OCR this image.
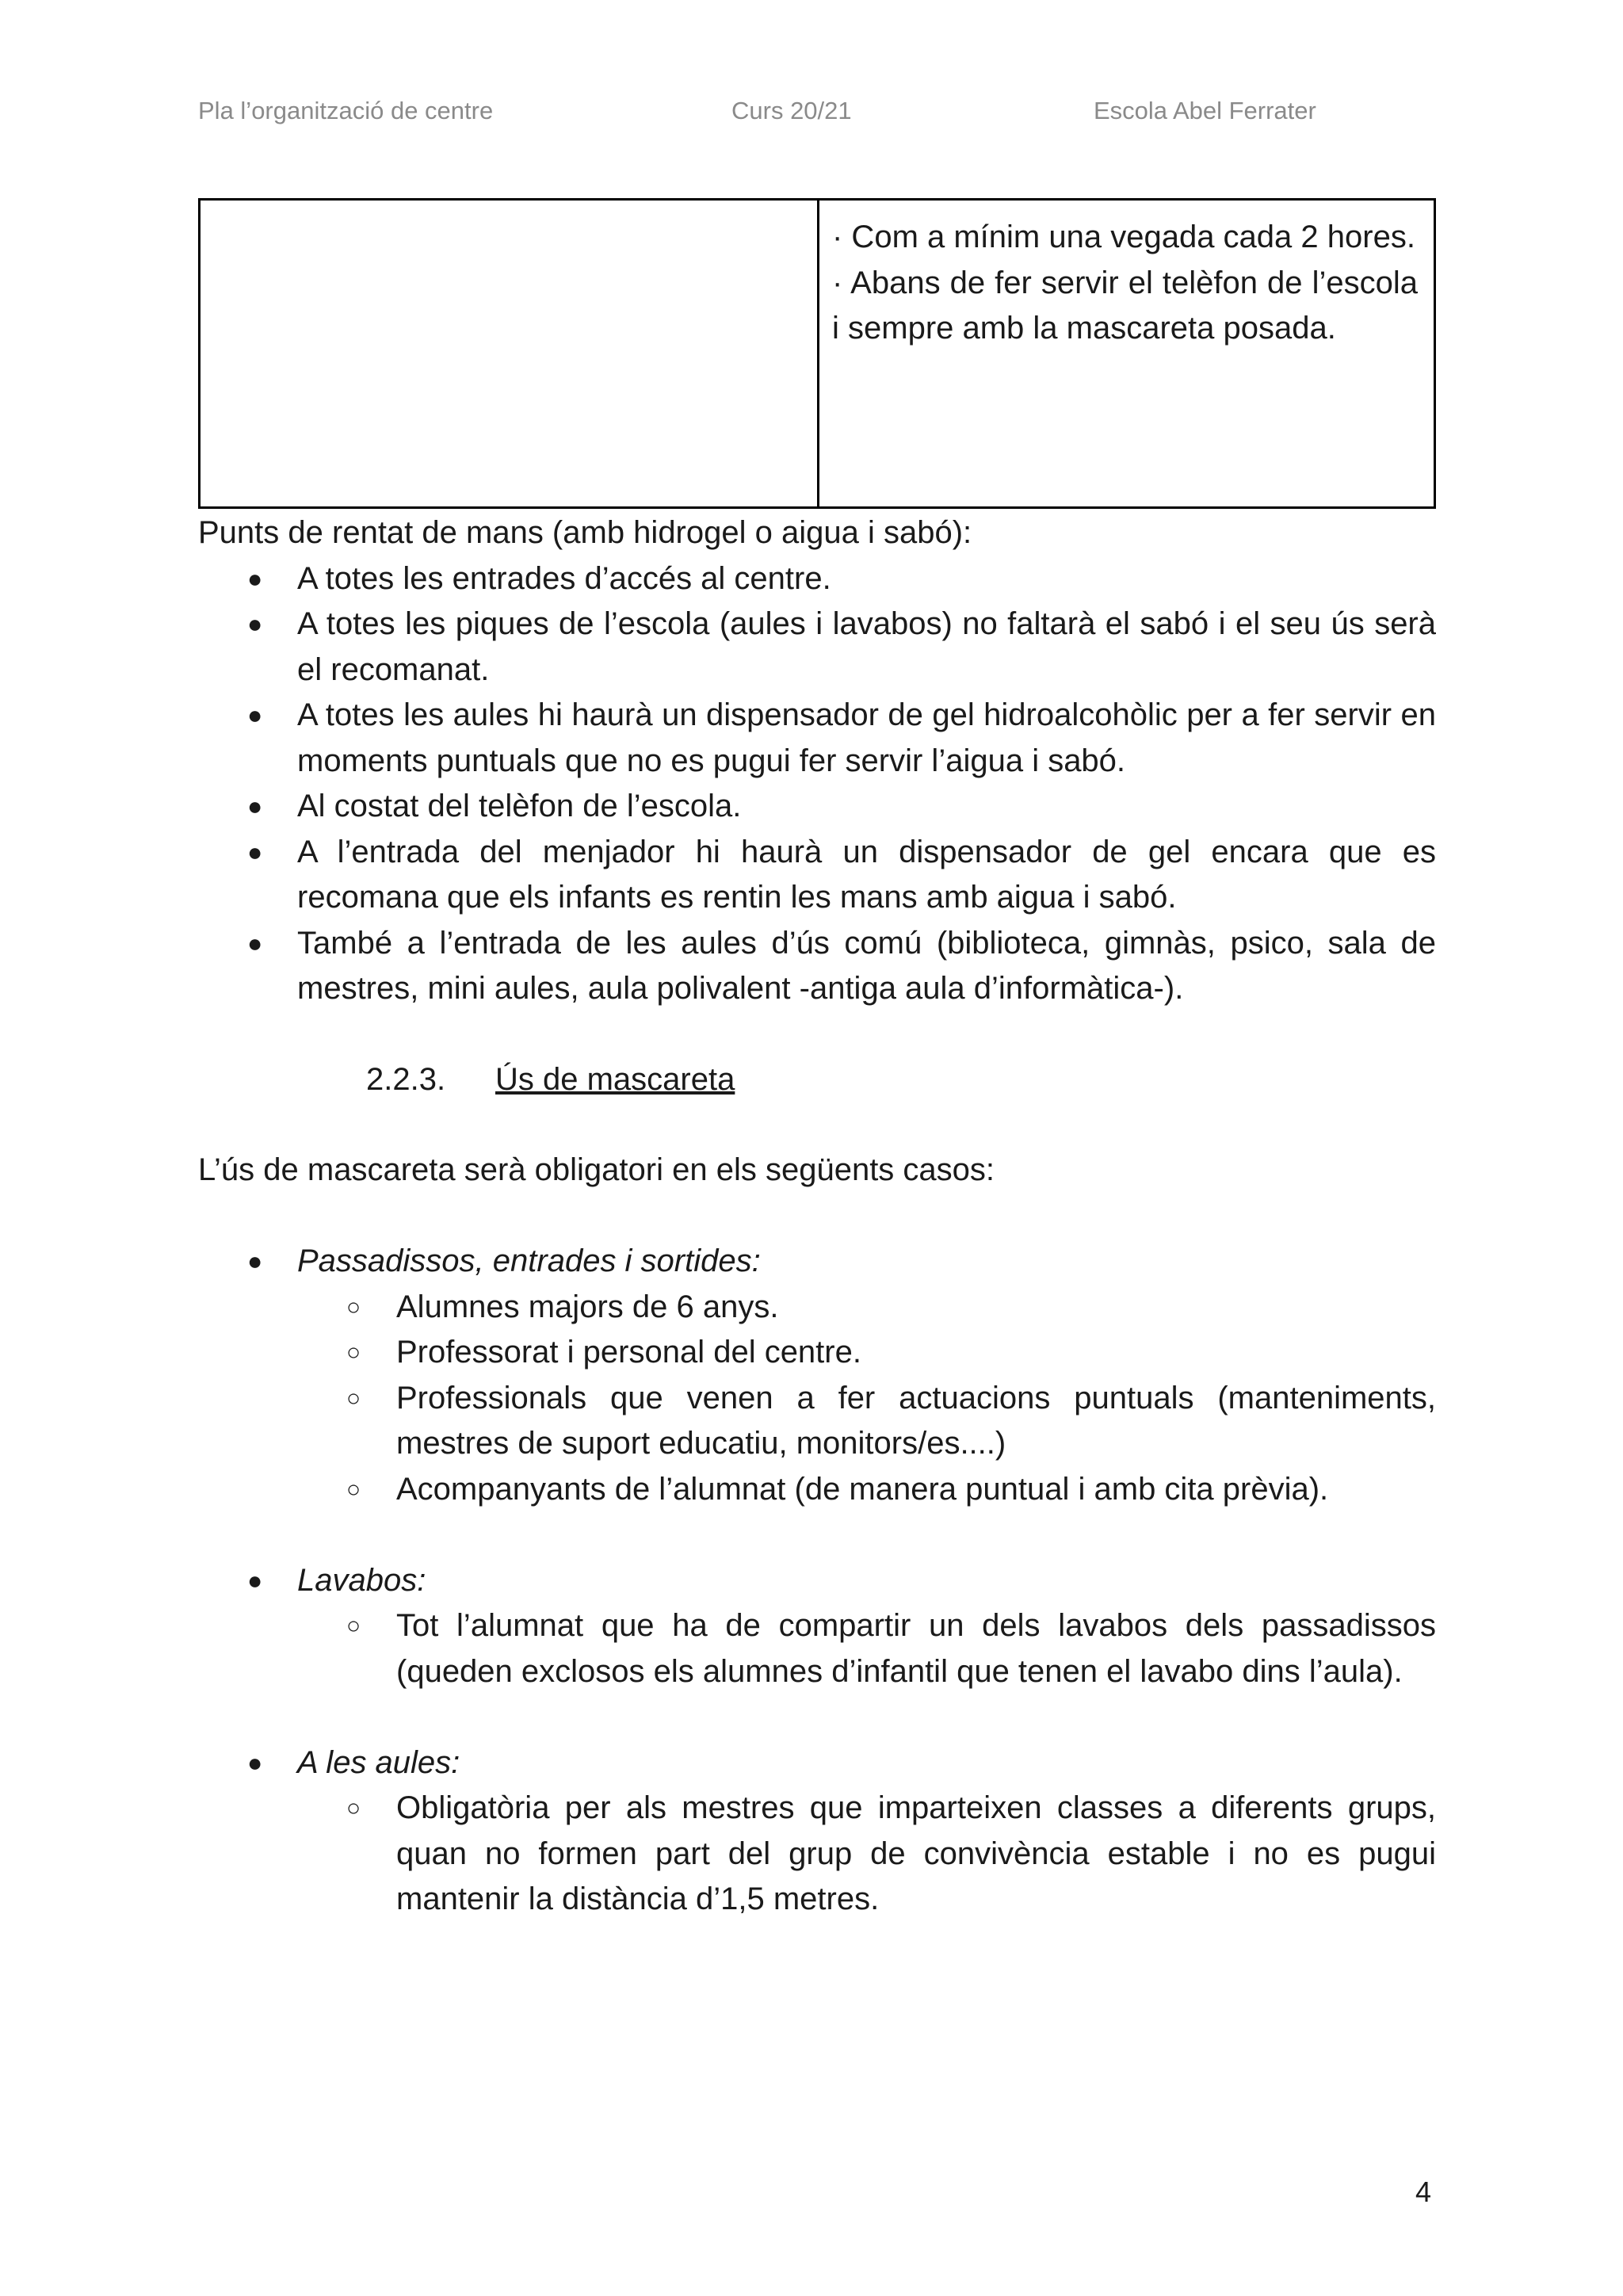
Pla l’organització de centre	Curs 20/21	Escola Abel Ferrater

· Com a mínim una vegada cada 2 hores.
· Abans de fer servir el telèfon de l’escola i sempre amb la mascareta posada.

Punts de rentat de mans (amb hidrogel o aigua i sabó):

● A totes les entrades d’accés al centre.
● A totes les piques de l’escola (aules i lavabos) no faltarà el sabó i el seu ús serà el recomanat.
● A totes les aules hi haurà un dispensador de gel hidroalcohòlic per a fer servir en moments puntuals que no es pugui fer servir l’aigua i sabó.
● Al costat del telèfon de l’escola.
● A l’entrada del menjador hi haurà un dispensador de gel encara que es recomana que els infants es rentin les mans amb aigua i sabó.
● També a l’entrada de les aules d’ús comú (biblioteca, gimnàs, psico, sala de mestres, mini aules, aula polivalent -antiga aula d’informàtica-).
2.2.3. Ús de mascareta

L’ús de mascareta serà obligatori en els següents casos:

● Passadissos, entrades i sortides:
○ Alumnes majors de 6 anys.
○ Professorat i personal del centre.
○ Professionals que venen a fer actuacions puntuals (manteniments, mestres de suport educatiu, monitors/es....)
○ Acompanyants de l’alumnat (de manera puntual i amb cita prèvia).
● Lavabos:
○ Tot l’alumnat que ha de compartir un dels lavabos dels passadissos (queden exclosos els alumnes d’infantil que tenen el lavabo dins l’aula).
● A les aules:
○ Obligatòria per als mestres que imparteixen classes a diferents grups, quan no formen part del grup de convivència estable i no es pugui mantenir la distància d’1,5 metres.
4
